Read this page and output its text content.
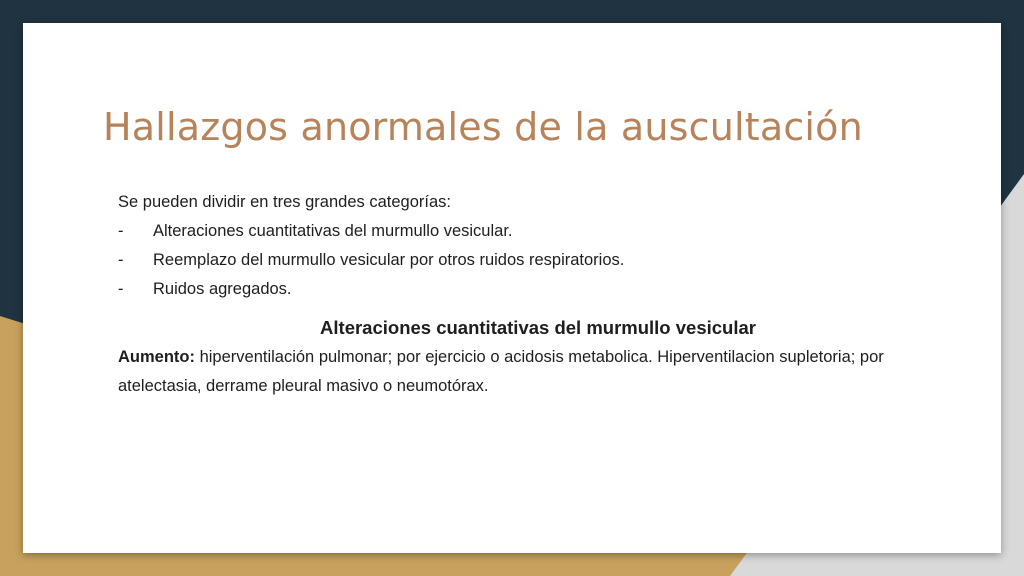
Hallazgos anormales de la auscultación

Se pueden dividir en tres grandes categorías:

-	Alteraciones cuantitativas del murmullo vesicular.
-	Reemplazo del murmullo vesicular por otros ruidos respiratorios.
-	Ruidos agregados.

Alteraciones cuantitativas del murmullo vesicular

Aumento: hiperventilación pulmonar; por ejercicio o acidosis metabolica. Hiperventilacion supletoria; por atelectasia, derrame pleural masivo o neumotórax.
